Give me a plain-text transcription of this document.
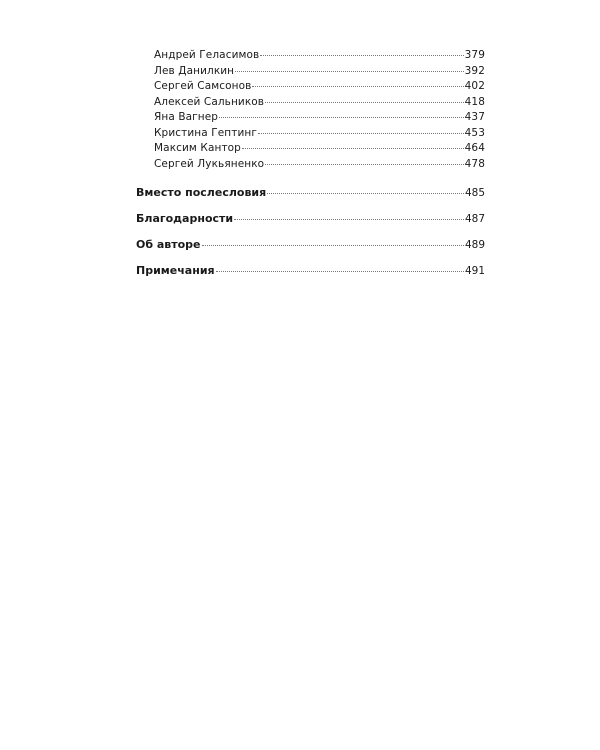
Андрей Геласимов	379
Лев Данилкин	392
Сергей Самсонов	402
Алексей Сальников	418
Яна Вагнер	437
Кристина Гептинг	453
Максим Кантор	464
Сергей Лукьяненко	478
Вместо послесловия	485
Благодарности	487
Об авторе	489
Примечания	491
